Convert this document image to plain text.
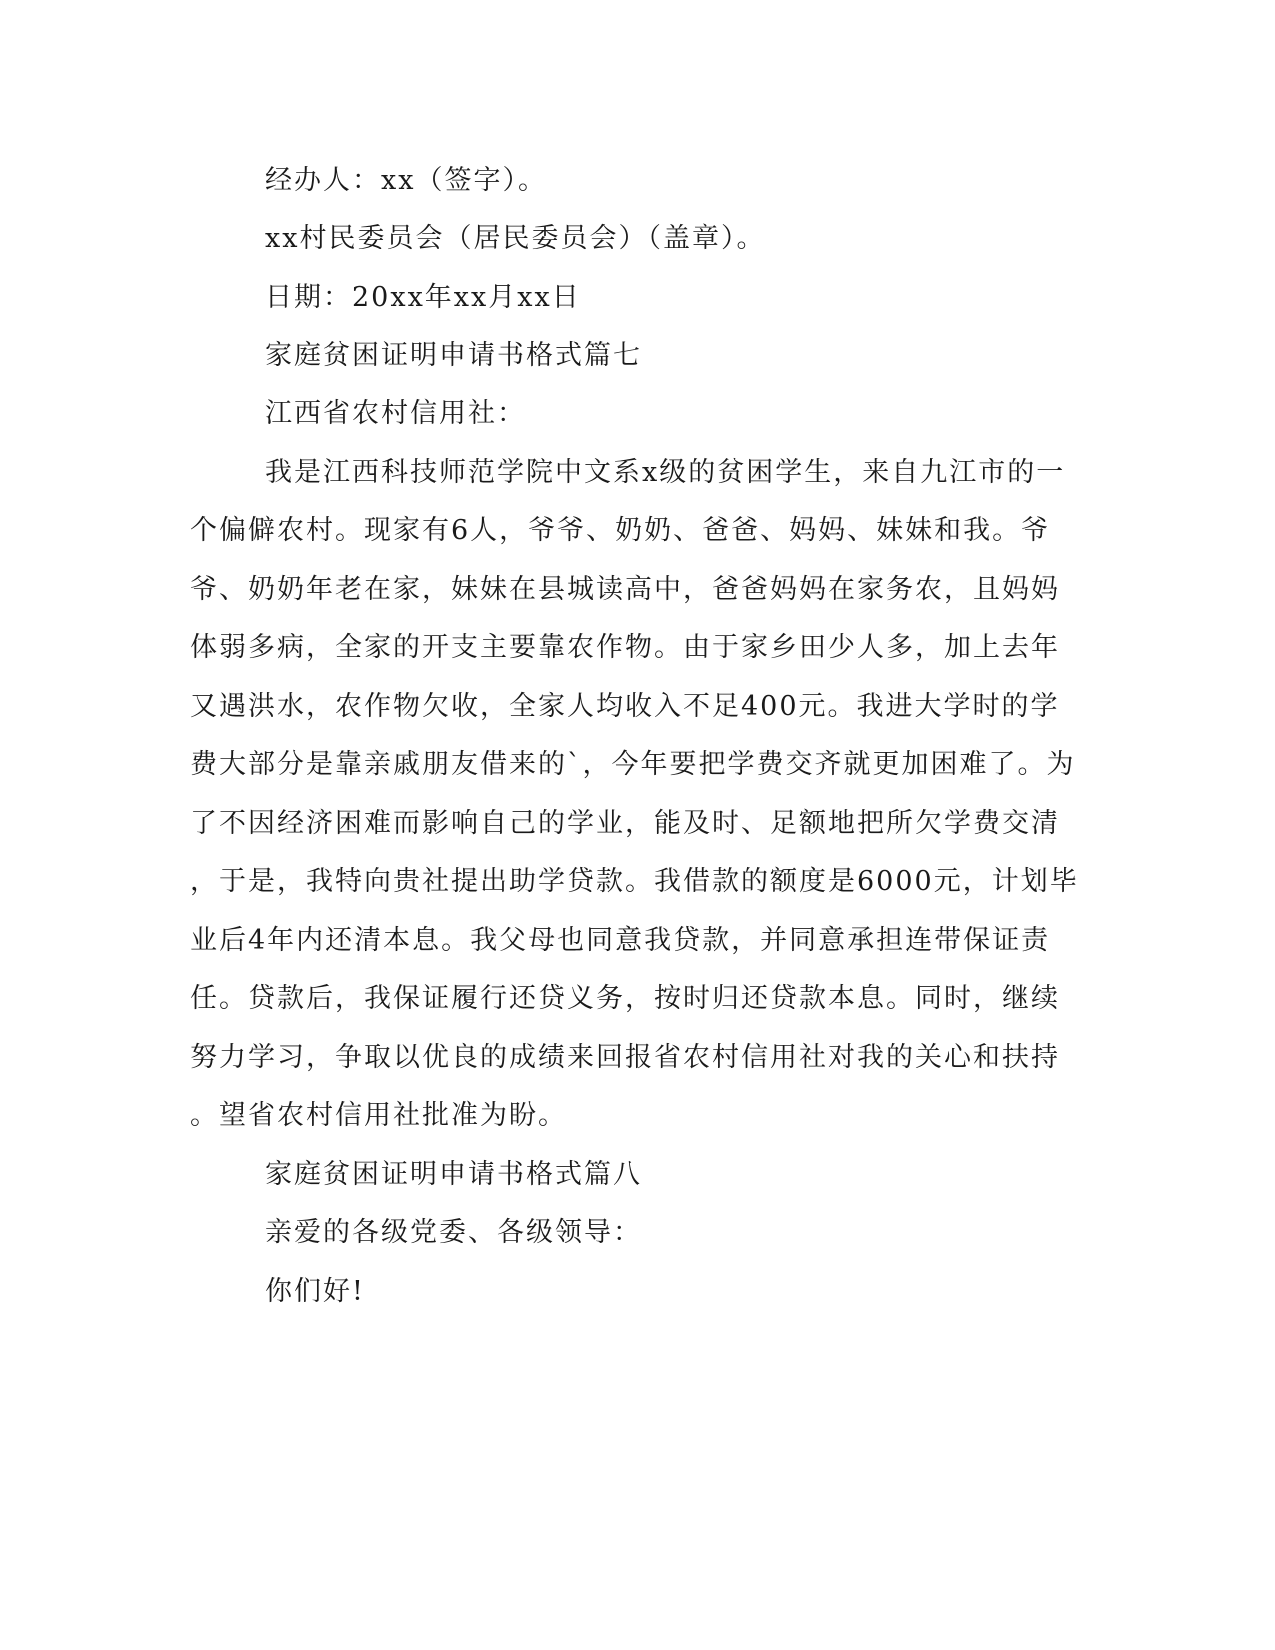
经办人：xx（签字）。
xx村民委员会（居民委员会）（盖章）。
日期：20xx年xx月xx日
家庭贫困证明申请书格式篇七
江西省农村信用社：
我是江西科技师范学院中文系x级的贫困学生，来自九江市的一
个偏僻农村。现家有6人，爷爷、奶奶、爸爸、妈妈、妹妹和我。爷
爷、奶奶年老在家，妹妹在县城读高中，爸爸妈妈在家务农，且妈妈
体弱多病，全家的开支主要靠农作物。由于家乡田少人多，加上去年
又遇洪水，农作物欠收，全家人均收入不足400元。我进大学时的学
费大部分是靠亲戚朋友借来的`，今年要把学费交齐就更加困难了。为
了不因经济困难而影响自己的学业，能及时、足额地把所欠学费交清
，于是，我特向贵社提出助学贷款。我借款的额度是6000元，计划毕
业后4年内还清本息。我父母也同意我贷款，并同意承担连带保证责
任。贷款后，我保证履行还贷义务，按时归还贷款本息。同时，继续
努力学习，争取以优良的成绩来回报省农村信用社对我的关心和扶持
。望省农村信用社批准为盼。
家庭贫困证明申请书格式篇八
亲爱的各级党委、各级领导：
你们好!
